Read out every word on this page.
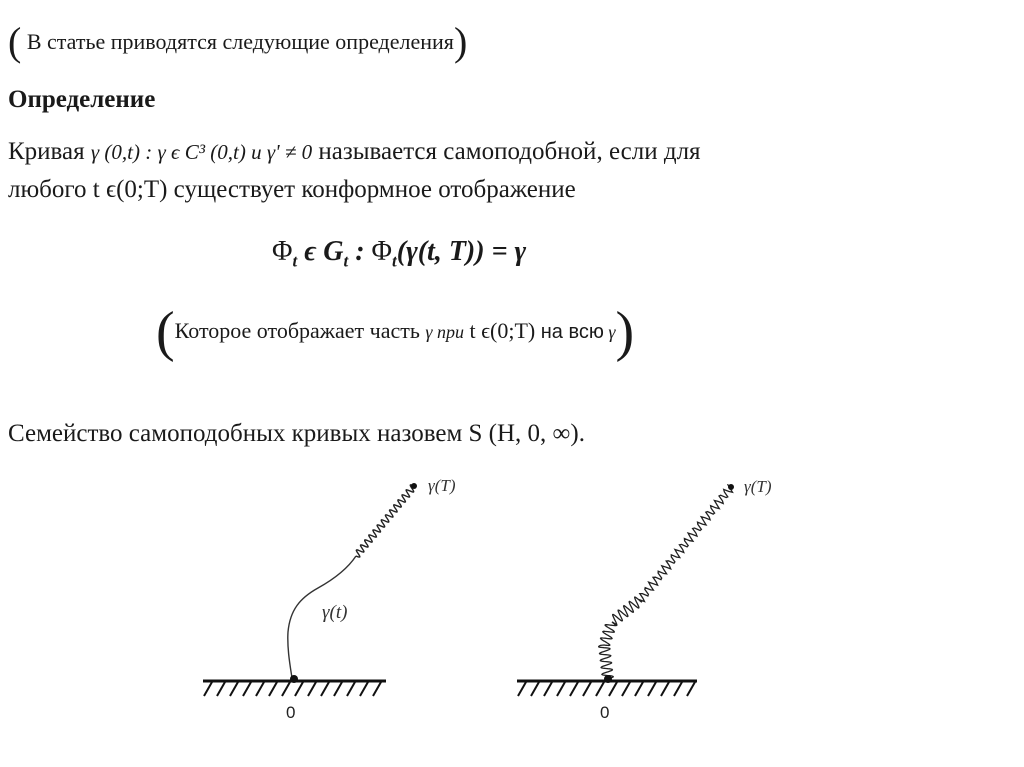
( В статье приводятся следующие определения)
Определение
Кривая γ (0,t) : γ ϵ C³ (0,t) и γ' ≠ 0 называется самоподобной, если для
любого t ϵ(0;T) существует конформное отображение
$\Phi_t$ ϵ $G_t$ : $\Phi_t(\gamma(t$, T)) = γ
(Которое отображает часть γ при t ϵ(0;T) на всю γ)
Семейство самоподобных кривых назовем S (H, 0, ∞).
γ(T)
γ(t)
0
γ(T)
0
